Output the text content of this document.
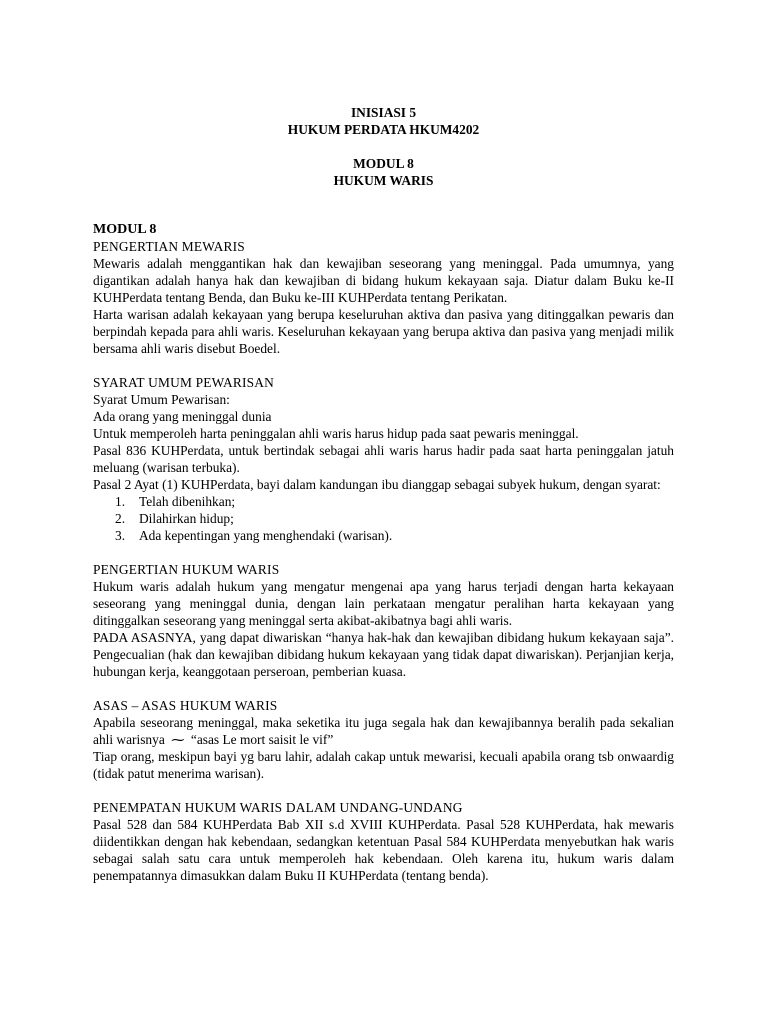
INISIASI 5
HUKUM PERDATA HKUM4202
MODUL 8
HUKUM WARIS
MODUL 8
PENGERTIAN MEWARIS

Mewaris adalah menggantikan hak dan kewajiban seseorang yang meninggal. Pada umumnya, yang digantikan adalah hanya hak dan kewajiban di bidang hukum kekayaan saja. Diatur dalam Buku ke-II KUHPerdata tentang Benda, dan Buku ke-III KUHPerdata tentang Perikatan.

Harta warisan adalah kekayaan yang berupa keseluruhan aktiva dan pasiva yang ditinggalkan pewaris dan berpindah kepada para ahli waris. Keseluruhan kekayaan yang berupa aktiva dan pasiva yang menjadi milik bersama ahli waris disebut Boedel.

SYARAT UMUM PEWARISAN

Syarat Umum Pewarisan:

Ada orang yang meninggal dunia

Untuk memperoleh harta peninggalan ahli waris harus hidup pada saat pewaris meninggal.

Pasal 836 KUHPerdata, untuk bertindak sebagai ahli waris harus hadir pada saat harta peninggalan jatuh meluang (warisan terbuka).

Pasal 2 Ayat (1) KUHPerdata, bayi dalam kandungan ibu dianggap sebagai subyek hukum, dengan syarat:

1.	Telah dibenihkan;
2.	Dilahirkan hidup;
3.	Ada kepentingan yang menghendaki (warisan).
PENGERTIAN HUKUM WARIS

Hukum waris adalah hukum yang mengatur mengenai apa yang harus terjadi dengan harta kekayaan seseorang yang meninggal dunia, dengan lain perkataan mengatur peralihan harta kekayaan yang ditinggalkan seseorang yang meninggal serta akibat-akibatnya bagi ahli waris.

PADA ASASNYA, yang dapat diwariskan “hanya hak-hak dan kewajiban dibidang hukum kekayaan saja”. Pengecualian (hak dan kewajiban dibidang hukum kekayaan yang tidak dapat diwariskan). Perjanjian kerja, hubungan kerja, keanggotaan perseroan, pemberian kuasa.

ASAS – ASAS HUKUM WARIS

Apabila seseorang meninggal, maka seketika itu juga segala hak dan kewajibannya beralih pada sekalian ahli warisnya ⁓ “asas Le mort saisit le vif”

Tiap orang, meskipun bayi yg baru lahir, adalah cakap untuk mewarisi, kecuali apabila orang tsb onwaardig (tidak patut menerima warisan).

PENEMPATAN HUKUM WARIS DALAM UNDANG-UNDANG

Pasal 528 dan 584 KUHPerdata Bab XII s.d XVIII KUHPerdata. Pasal 528 KUHPerdata, hak mewaris diidentikkan dengan hak kebendaan, sedangkan ketentuan Pasal 584 KUHPerdata menyebutkan hak waris sebagai salah satu cara untuk memperoleh hak kebendaan. Oleh karena itu, hukum waris dalam penempatannya dimasukkan dalam Buku II KUHPerdata (tentang benda).
